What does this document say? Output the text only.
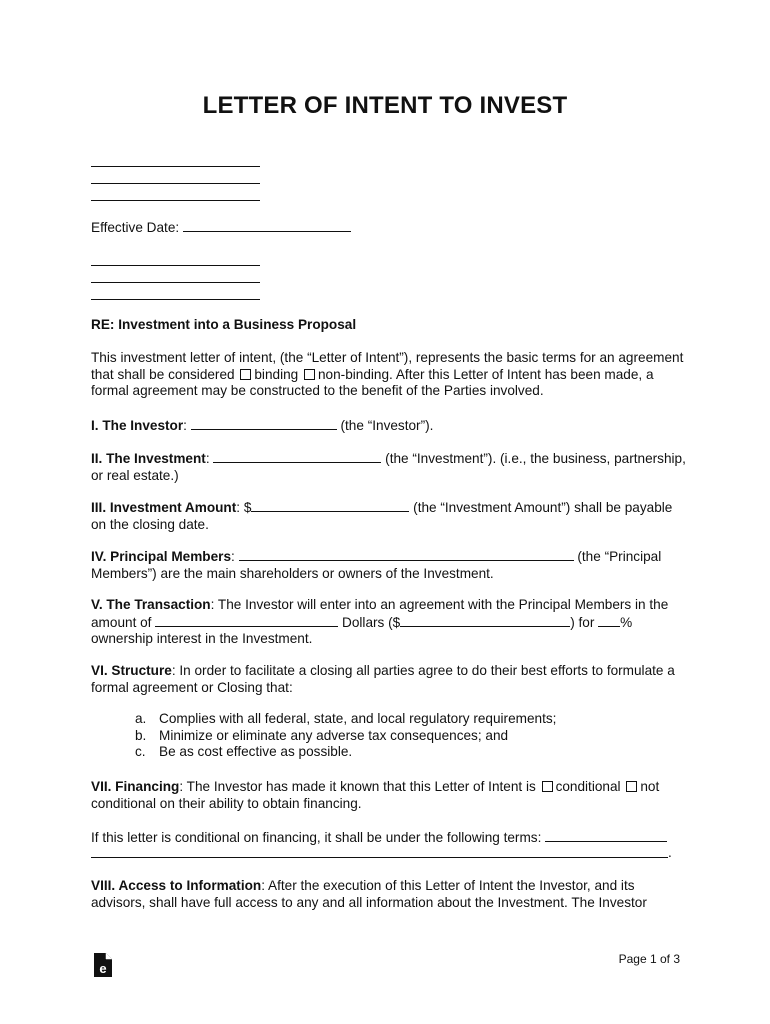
LETTER OF INTENT TO INVEST

Effective Date:

RE: Investment into a Business Proposal

This investment letter of intent, (the “Letter of Intent”), represents the basic terms for an agreement that shall be considered binding non-binding. After this Letter of Intent has been made, a formal agreement may be constructed to the benefit of the Parties involved.

I. The Investor:	(the “Investor”).

II. The Investment:	(the “Investment”). (i.e., the business, partnership, or real estate.)

III. Investment Amount: $	(the “Investment Amount”) shall be payable on the closing date.

IV. Principal Members:	(the “Principal Members”) are the main shareholders or owners of the Investment.

V. The Transaction: The Investor will enter into an agreement with the Principal Members in the amount of	Dollars ($	) for % ownership interest in the Investment.

VI. Structure: In order to facilitate a closing all parties agree to do their best efforts to formulate a formal agreement or Closing that:

a. Complies with all federal, state, and local regulatory requirements;
b. Minimize or eliminate any adverse tax consequences; and
c. Be as cost effective as possible.

VII. Financing: The Investor has made it known that this Letter of Intent is conditional not conditional on their ability to obtain financing.

If this letter is conditional on financing, it shall be under the following terms:

.

VIII. Access to Information: After the execution of this Letter of Intent the Investor, and its advisors, shall have full access to any and all information about the Investment. The Investor

e
Page 1 of 3
